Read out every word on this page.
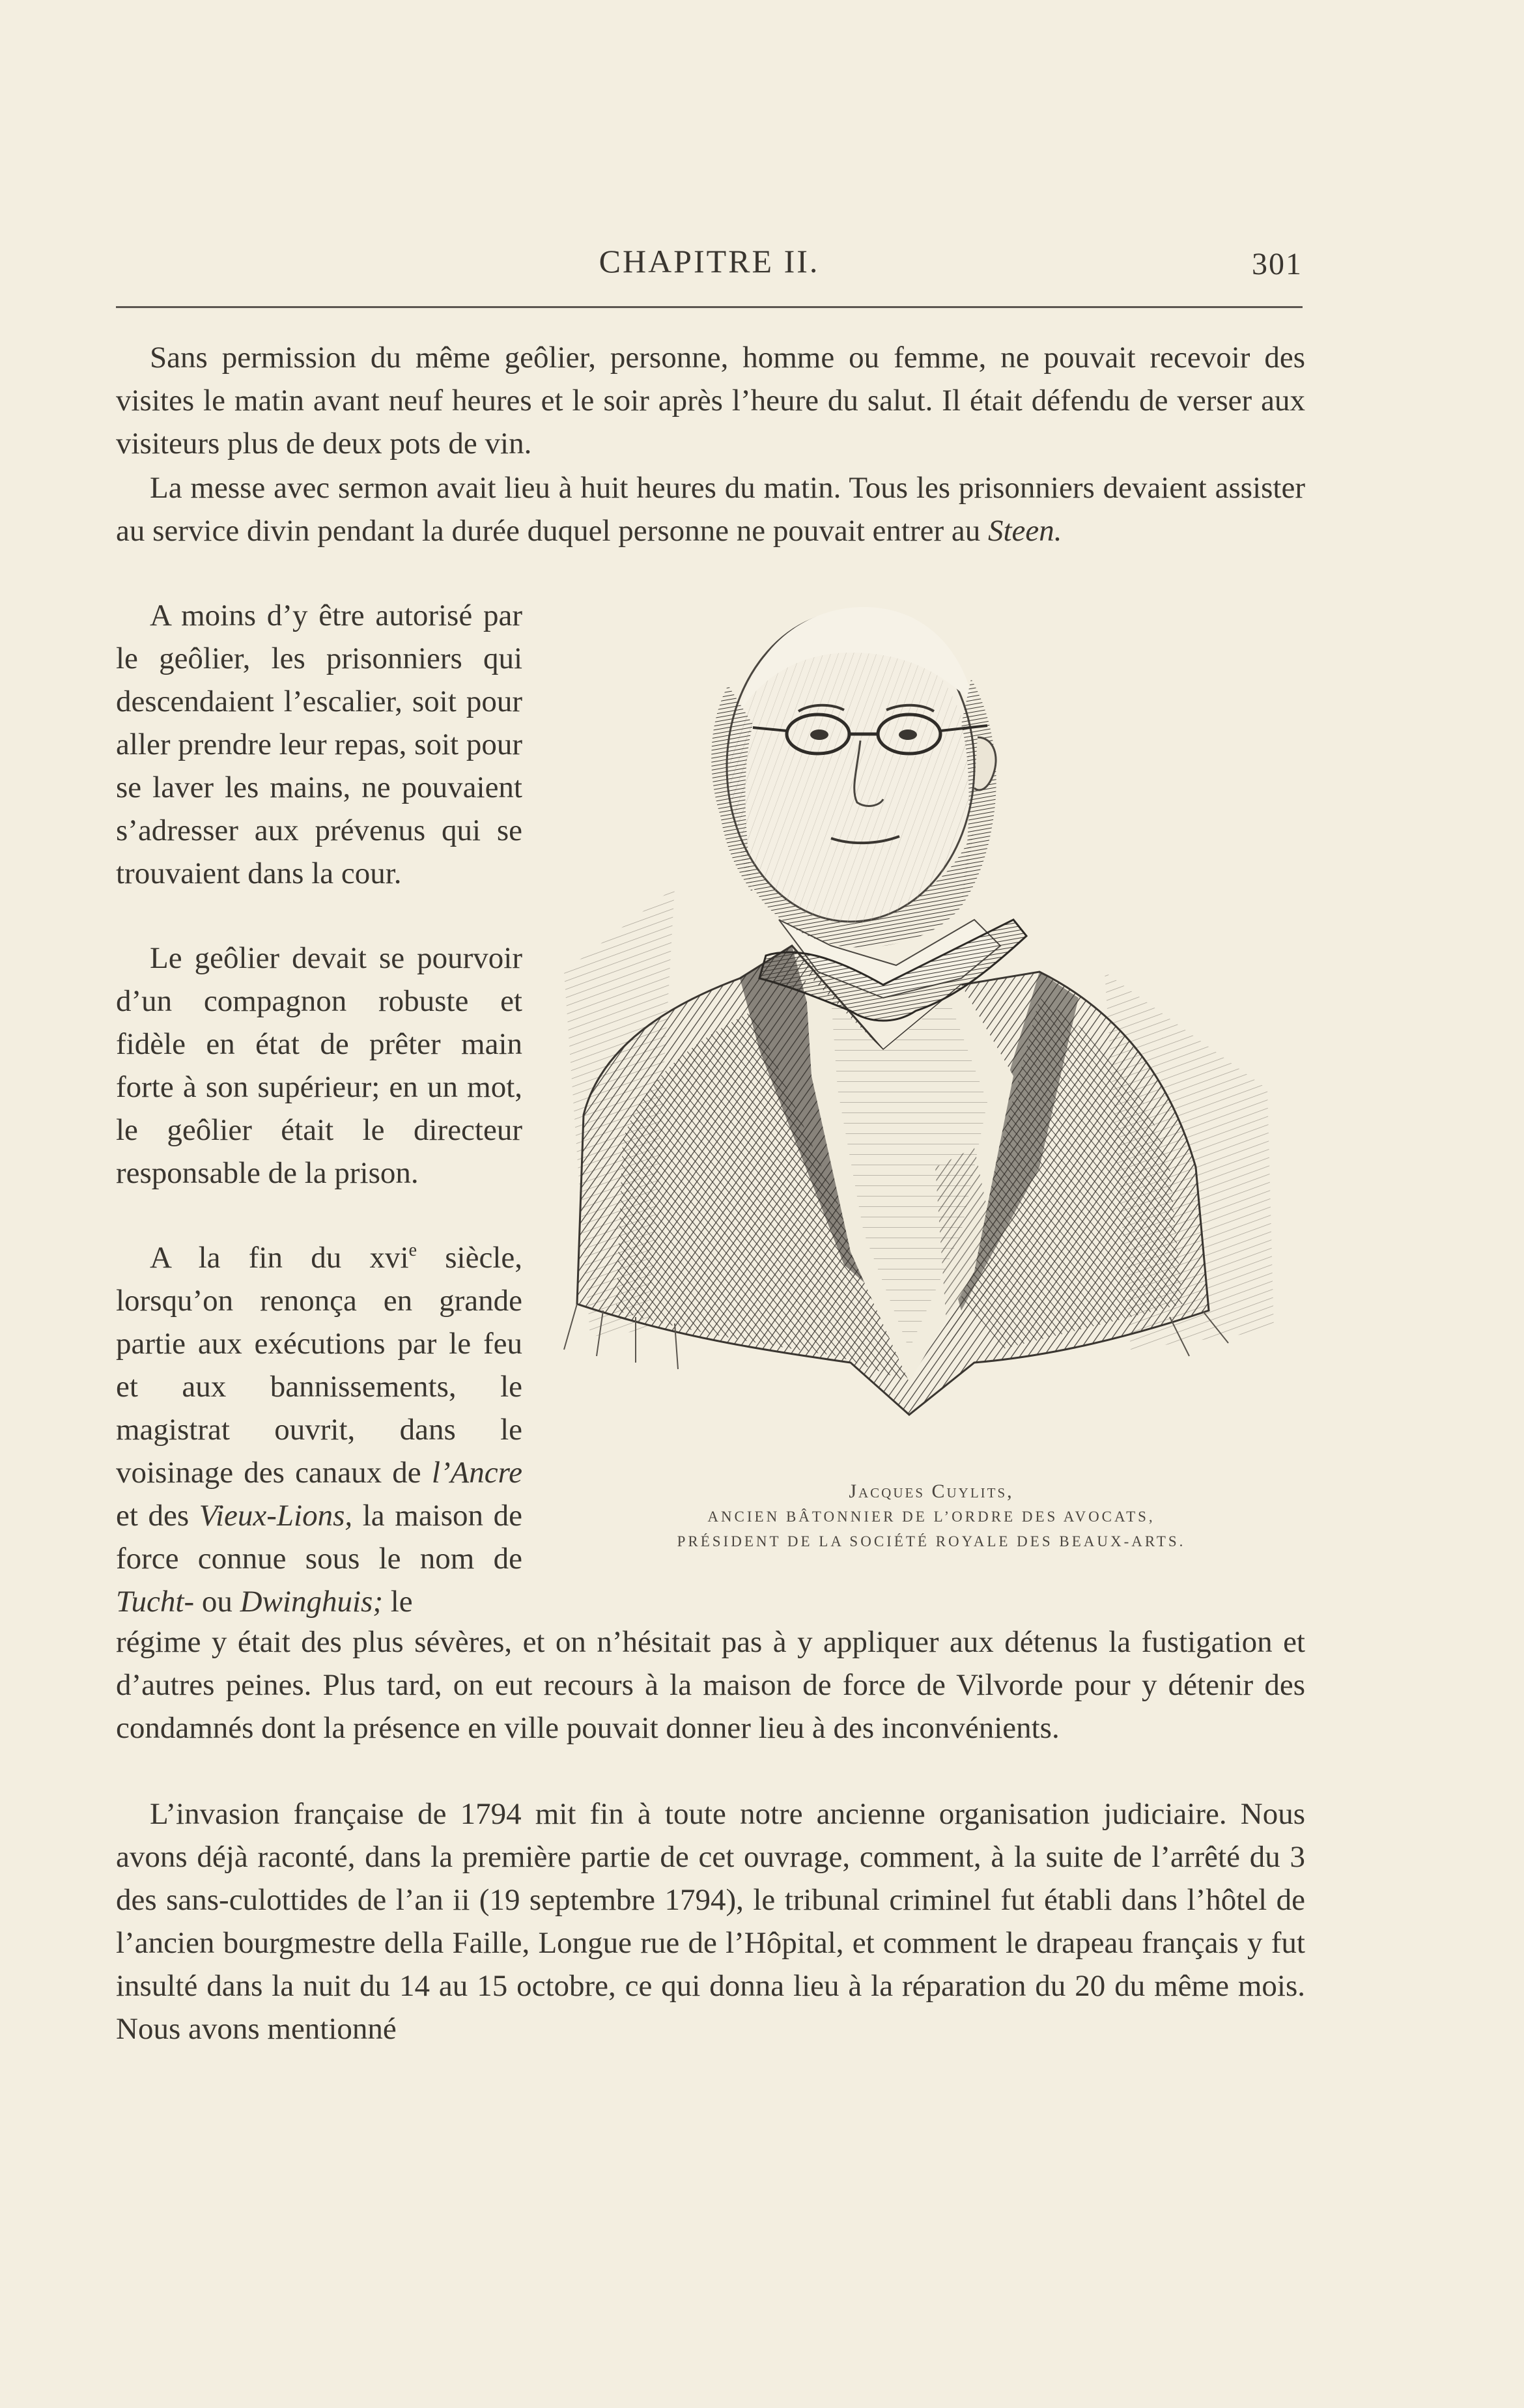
CHAPITRE II.	301

Sans permission du même geôlier, personne, homme ou femme, ne pouvait recevoir des visites le matin avant neuf heures et le soir après l’heure du salut. Il était défendu de verser aux visiteurs plus de deux pots de vin.

La messe avec sermon avait lieu à huit heures du matin. Tous les prisonniers devaient assister au service divin pendant la durée duquel personne ne pouvait entrer au Steen.

A moins d’y être autorisé par le geôlier, les prisonniers qui descendaient l’escalier, soit pour aller prendre leur repas, soit pour se laver les mains, ne pouvaient s’adresser aux prévenus qui se trouvaient dans la cour.

Le geôlier devait se pourvoir d’un compagnon robuste et fidèle en état de prêter main forte à son supérieur; en un mot, le geôlier était le directeur responsable de la prison.

A la fin du xvi$^e$ siècle, lorsqu’on renonça en grande partie aux exécutions par le feu et aux bannissements, le magistrat ouvrit, dans le voisinage des canaux de l’Ancre et des Vieux-Lions, la maison de force connue sous le nom de Tucht- ou Dwinghuis; le

régime y était des plus sévères, et on n’hésitait pas à y appliquer aux détenus la fustigation et d’autres peines. Plus tard, on eut recours à la maison de force de Vilvorde pour y détenir des condamnés dont la présence en ville pouvait donner lieu à des inconvénients.

L’invasion française de 1794 mit fin à toute notre ancienne organisation judiciaire. Nous avons déjà raconté, dans la première partie de cet ouvrage, comment, à la suite de l’arrêté du 3 des sans-culottides de l’an ii (19 septembre 1794), le tribunal criminel fut établi dans l’hôtel de l’ancien bourgmestre della Faille, Longue rue de l’Hôpital, et comment le drapeau français y fut insulté dans la nuit du 14 au 15 octobre, ce qui donna lieu à la réparation du 20 du même mois. Nous avons mentionné

Jacques Cuylits,
ANCIEN BÂTONNIER DE L’ORDRE DES AVOCATS,
PRÉSIDENT DE LA SOCIÉTÉ ROYALE DES BEAUX-ARTS.
